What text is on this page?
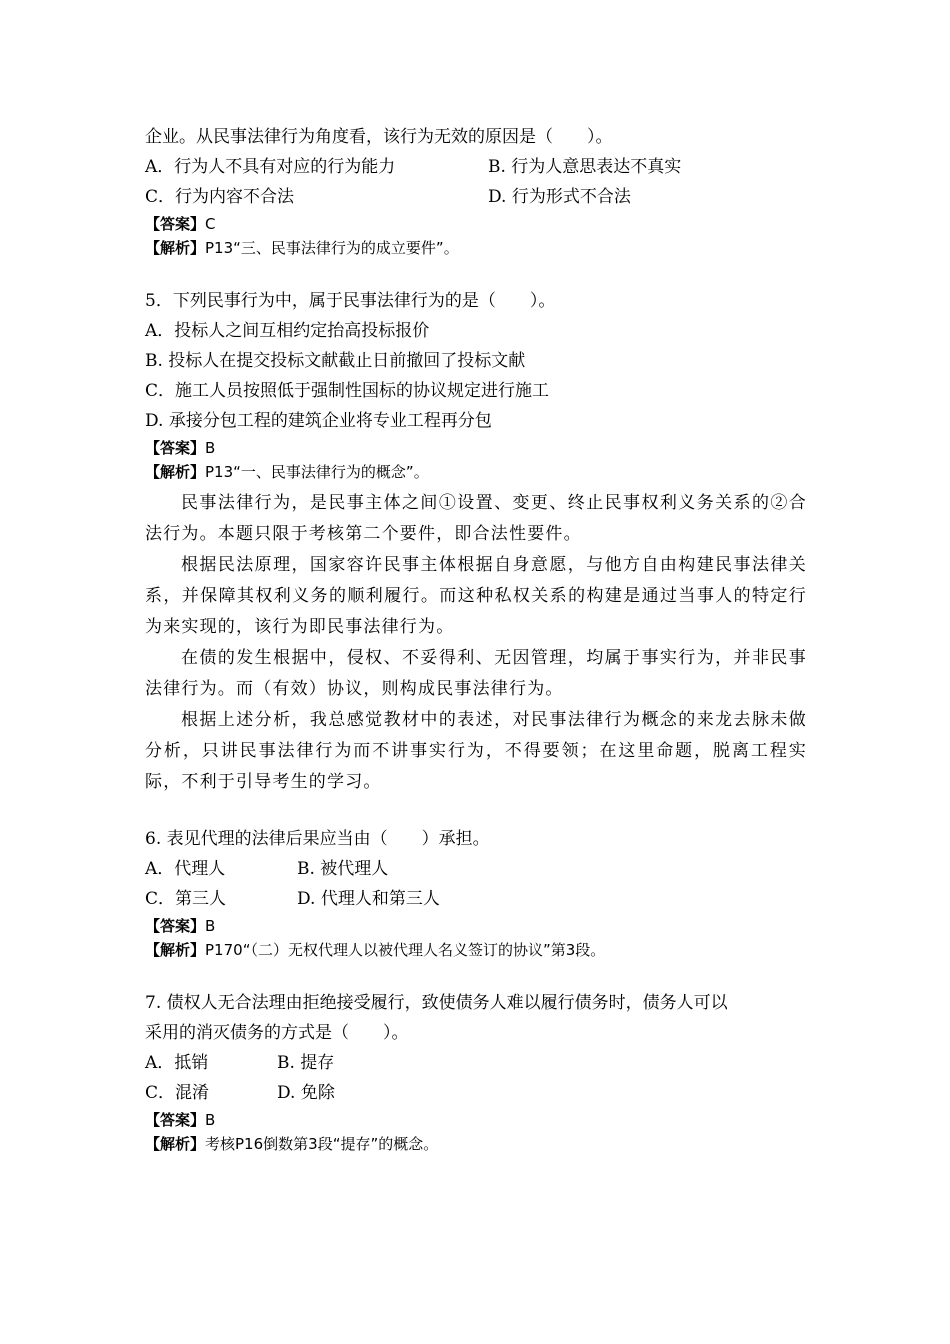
企业。从民事法律行为角度看，该行为无效的原因是（　　）。
A．行为人不具有对应的行为能力	B. 行为人意思表达不真实
C．行为内容不合法	D. 行为形式不合法
【答案】C
【解析】P13“三、民事法律行为的成立要件”。
5．下列民事行为中，属于民事法律行为的是（　　）。
A．投标人之间互相约定抬高投标报价
B. 投标人在提交投标文献截止日前撤回了投标文献
C．施工人员按照低于强制性国标的协议规定进行施工
D. 承接分包工程的建筑企业将专业工程再分包
【答案】B
【解析】P13“一、民事法律行为的概念”。

民事法律行为，是民事主体之间①设置、变更、终止民事权利义务关系的②合法行为。本题只限于考核第二个要件，即合法性要件。

根据民法原理，国家容许民事主体根据自身意愿，与他方自由构建民事法律关系，并保障其权利义务的顺利履行。而这种私权关系的构建是通过当事人的特定行为来实现的，该行为即民事法律行为。

在债的发生根据中，侵权、不妥得利、无因管理，均属于事实行为，并非民事法律行为。而（有效）协议，则构成民事法律行为。

根据上述分析，我总感觉教材中的表述，对民事法律行为概念的来龙去脉未做分析，只讲民事法律行为而不讲事实行为，不得要领；在这里命题，脱离工程实际，不利于引导考生的学习。

6. 表见代理的法律后果应当由（　　）承担。
A．代理人	B. 被代理人
C．第三人	D. 代理人和第三人
【答案】B
【解析】P170“（二）无权代理人以被代理人名义签订的协议”第3段。
7. 债权人无合法理由拒绝接受履行，致使债务人难以履行债务时，债务人可以
采用的消灭债务的方式是（　　）。
A．抵销	B. 提存
C．混淆	D. 免除
【答案】B
【解析】考核P16倒数第3段“提存”的概念。
